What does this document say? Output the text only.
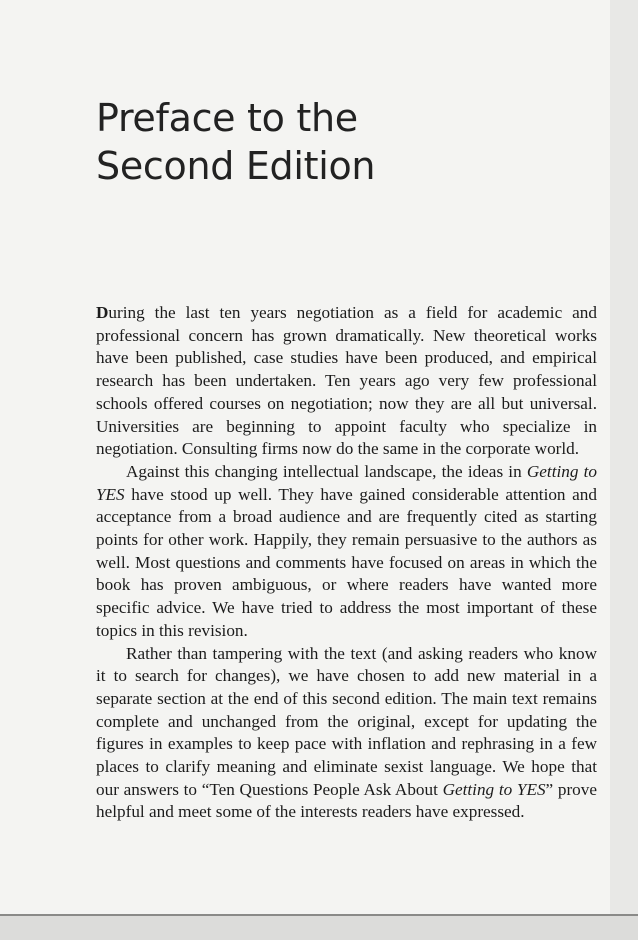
Preface to the
Second Edition

During the last ten years negotiation as a field for academic and professional concern has grown dramatically. New theoretical works have been published, case studies have been produced, and empirical research has been undertaken. Ten years ago very few professional schools offered courses on negotiation; now they are all but universal. Universities are beginning to appoint faculty who specialize in negotiation. Consulting firms now do the same in the corporate world.

Against this changing intellectual landscape, the ideas in Getting to YES have stood up well. They have gained considerable attention and acceptance from a broad audience and are frequently cited as starting points for other work. Happily, they remain persuasive to the authors as well. Most questions and comments have focused on areas in which the book has proven ambiguous, or where readers have wanted more specific advice. We have tried to address the most important of these topics in this revision.

Rather than tampering with the text (and asking readers who know it to search for changes), we have chosen to add new material in a separate section at the end of this second edition. The main text remains complete and unchanged from the original, except for updating the figures in examples to keep pace with inflation and rephrasing in a few places to clarify meaning and eliminate sexist language. We hope that our answers to “Ten Questions People Ask About Getting to YES” prove helpful and meet some of the interests readers have expressed.
